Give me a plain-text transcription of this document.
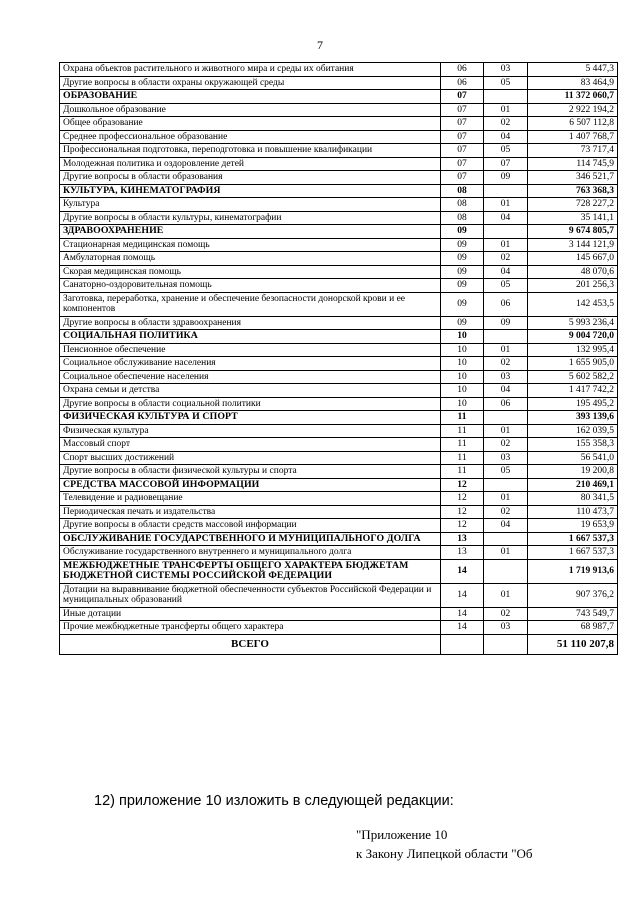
7
Охрана объектов растительного и животного мира и среды их обитания	06	03	5 447,3
Другие вопросы в области охраны окружающей среды	06	05	83 464,9
ОБРАЗОВАНИЕ	07		11 372 060,7
Дошкольное образование	07	01	2 922 194,2
Общее образование	07	02	6 507 112,8
Среднее профессиональное образование	07	04	1 407 768,7
Профессиональная подготовка, переподготовка и повышение квалификации	07	05	73 717,4
Молодежная политика и оздоровление детей	07	07	114 745,9
Другие вопросы в области образования	07	09	346 521,7
КУЛЬТУРА, КИНЕМАТОГРАФИЯ	08		763 368,3
Культура	08	01	728 227,2
Другие вопросы в области культуры, кинематографии	08	04	35 141,1
ЗДРАВООХРАНЕНИЕ	09		9 674 805,7
Стационарная медицинская помощь	09	01	3 144 121,9
Амбулаторная помощь	09	02	145 667,0
Скорая медицинская помощь	09	04	48 070,6
Санаторно-оздоровительная помощь	09	05	201 256,3
Заготовка, переработка, хранение и обеспечение безопасности донорской крови и ее компонентов	09	06	142 453,5
Другие вопросы в области здравоохранения	09	09	5 993 236,4
СОЦИАЛЬНАЯ ПОЛИТИКА	10		9 004 720,0
Пенсионное обеспечение	10	01	132 995,4
Социальное обслуживание населения	10	02	1 655 905,0
Социальное обеспечение населения	10	03	5 602 582,2
Охрана семьи и детства	10	04	1 417 742,2
Другие вопросы в области социальной политики	10	06	195 495,2
ФИЗИЧЕСКАЯ КУЛЬТУРА И СПОРТ	11		393 139,6
Физическая культура	11	01	162 039,5
Массовый спорт	11	02	155 358,3
Спорт высших достижений	11	03	56 541,0
Другие вопросы в области физической культуры и спорта	11	05	19 200,8
СРЕДСТВА МАССОВОЙ ИНФОРМАЦИИ	12		210 469,1
Телевидение и радиовещание	12	01	80 341,5
Периодическая печать и издательства	12	02	110 473,7
Другие вопросы в области средств массовой информации	12	04	19 653,9
ОБСЛУЖИВАНИЕ ГОСУДАРСТВЕННОГО И МУНИЦИПАЛЬНОГО ДОЛГА	13		1 667 537,3
Обслуживание государственного внутреннего и муниципального долга	13	01	1 667 537,3
МЕЖБЮДЖЕТНЫЕ ТРАНСФЕРТЫ ОБЩЕГО ХАРАКТЕРА БЮДЖЕТАМ БЮДЖЕТНОЙ СИСТЕМЫ РОССИЙСКОЙ ФЕДЕРАЦИИ	14		1 719 913,6
Дотации на выравнивание бюджетной обеспеченности субъектов Российской Федерации и муниципальных образований	14	01	907 376,2
Иные дотации	14	02	743 549,7
Прочие межбюджетные трансферты общего характера	14	03	68 987,7
ВСЕГО			51 110 207,8
12) приложение 10 изложить в следующей редакции:
"Приложение 10
к Закону Липецкой области "Об
